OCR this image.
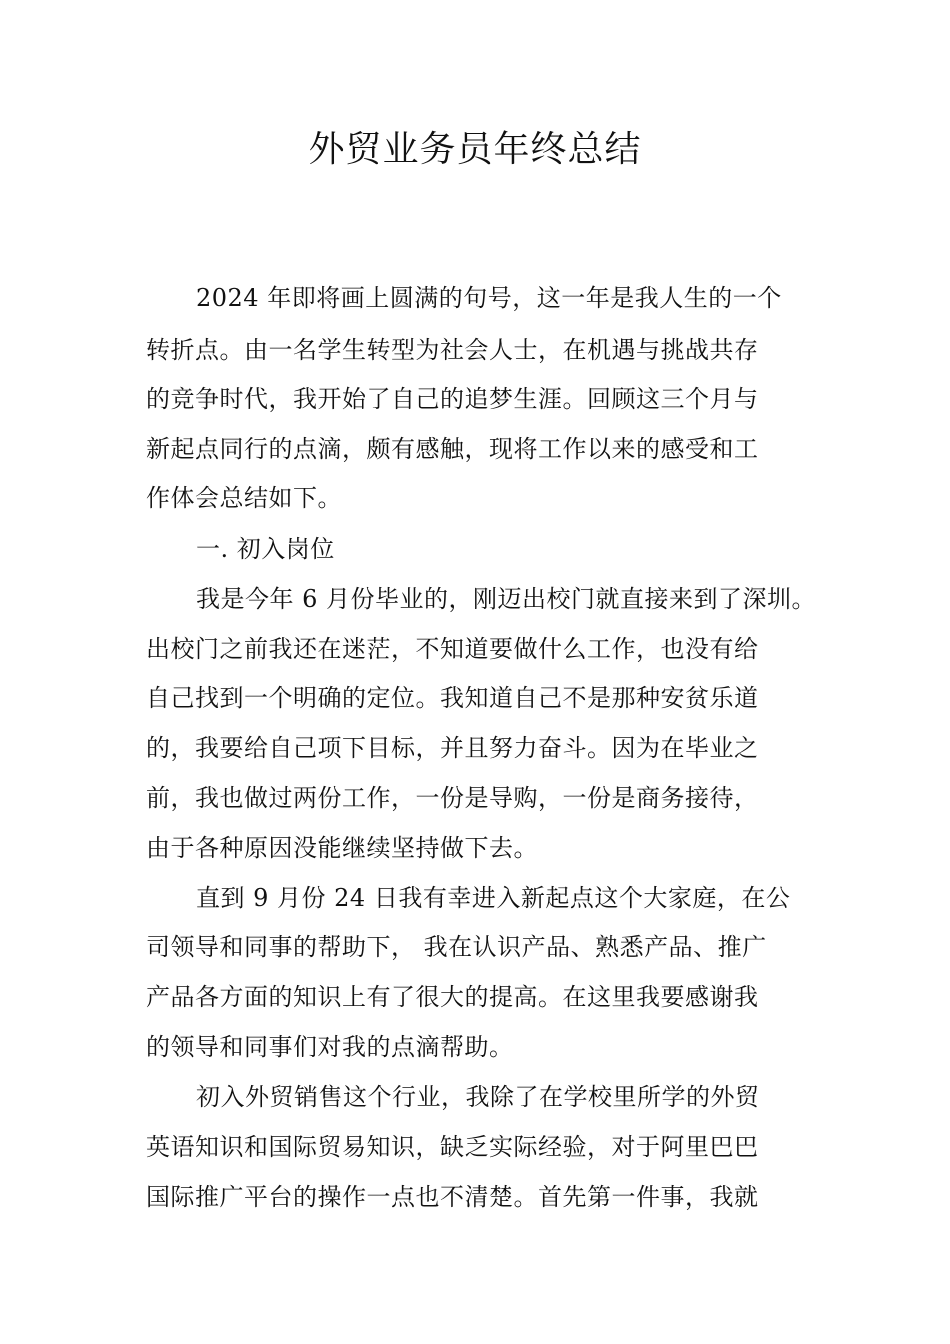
外贸业务员年终总结
2024 年即将画上圆满的句号，这一年是我人生的一个
转折点。由一名学生转型为社会人士，在机遇与挑战共存
的竞争时代，我开始了自己的追梦生涯。回顾这三个月与
新起点同行的点滴，颇有感触，现将工作以来的感受和工
作体会总结如下。
一. 初入岗位
我是今年 6 月份毕业的，刚迈出校门就直接来到了深圳。
出校门之前我还在迷茫，不知道要做什么工作，也没有给
自己找到一个明确的定位。我知道自己不是那种安贫乐道
的，我要给自己项下目标，并且努力奋斗。因为在毕业之
前，我也做过两份工作，一份是导购，一份是商务接待，
由于各种原因没能继续坚持做下去。
直到 9 月份 24 日我有幸进入新起点这个大家庭，在公
司领导和同事的帮助下， 我在认识产品、熟悉产品、推广
产品各方面的知识上有了很大的提高。在这里我要感谢我
的领导和同事们对我的点滴帮助。
初入外贸销售这个行业，我除了在学校里所学的外贸
英语知识和国际贸易知识，缺乏实际经验，对于阿里巴巴
国际推广平台的操作一点也不清楚。首先第一件事，我就
